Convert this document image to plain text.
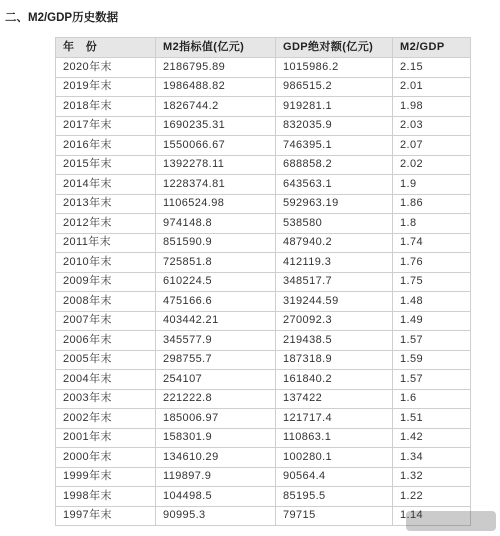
二、M2/GDP历史数据
年　份	M2指标值(亿元)	GDP绝对额(亿元)	M2/GDP
2020年末	2186795.89	1015986.2	2.15
2019年末	1986488.82	986515.2	2.01
2018年末	1826744.2	919281.1	1.98
2017年末	1690235.31	832035.9	2.03
2016年末	1550066.67	746395.1	2.07
2015年末	1392278.11	688858.2	2.02
2014年末	1228374.81	643563.1	1.9
2013年末	1106524.98	592963.19	1.86
2012年末	974148.8	538580	1.8
2011年末	851590.9	487940.2	1.74
2010年末	725851.8	412119.3	1.76
2009年末	610224.5	348517.7	1.75
2008年末	475166.6	319244.59	1.48
2007年末	403442.21	270092.3	1.49
2006年末	345577.9	219438.5	1.57
2005年末	298755.7	187318.9	1.59
2004年末	254107	161840.2	1.57
2003年末	221222.8	137422	1.6
2002年末	185006.97	121717.4	1.51
2001年末	158301.9	110863.1	1.42
2000年末	134610.29	100280.1	1.34
1999年末	119897.9	90564.4	1.32
1998年末	104498.5	85195.5	1.22
1997年末	90995.3	79715	1.14
